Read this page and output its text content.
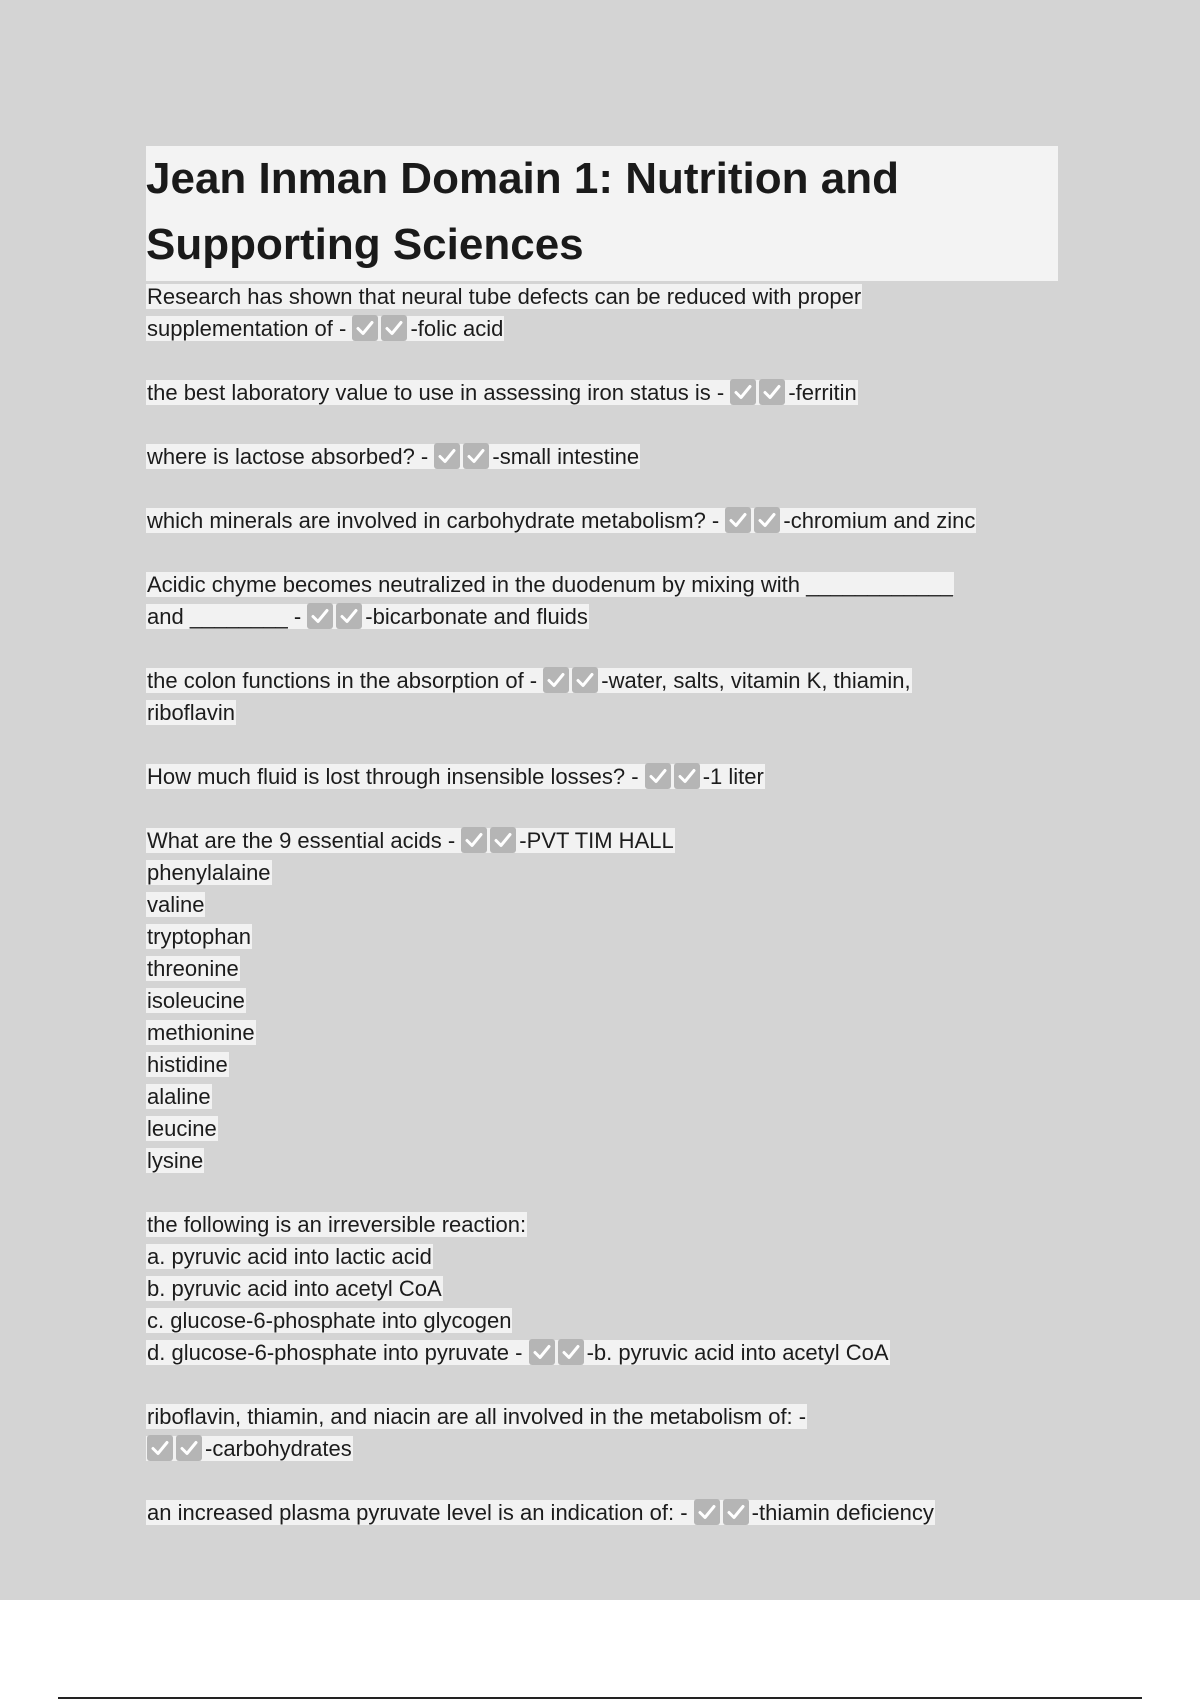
Jean Inman Domain 1: Nutrition and
Supporting Sciences
Research has shown that neural tube defects can be reduced with proper
supplementation of -	-folic acid
the best laboratory value to use in assessing iron status is -	-ferritin
where is lactose absorbed? -	-small intestine
which minerals are involved in carbohydrate metabolism? -	-chromium and zinc
Acidic chyme becomes neutralized in the duodenum by mixing with ____________
and ________ -	-bicarbonate and fluids
the colon functions in the absorption of -	-water, salts, vitamin K, thiamin,
riboflavin
How much fluid is lost through insensible losses? -	-1 liter
What are the 9 essential acids -	-PVT TIM HALL
phenylalaine
valine
tryptophan
threonine
isoleucine
methionine
histidine
alaline
leucine
lysine
the following is an irreversible reaction:
a. pyruvic acid into lactic acid
b. pyruvic acid into acetyl CoA
c. glucose-6-phosphate into glycogen
d. glucose-6-phosphate into pyruvate -	-b. pyruvic acid into acetyl CoA
riboflavin, thiamin, and niacin are all involved in the metabolism of: -
-carbohydrates
an increased plasma pyruvate level is an indication of: -	-thiamin deficiency
